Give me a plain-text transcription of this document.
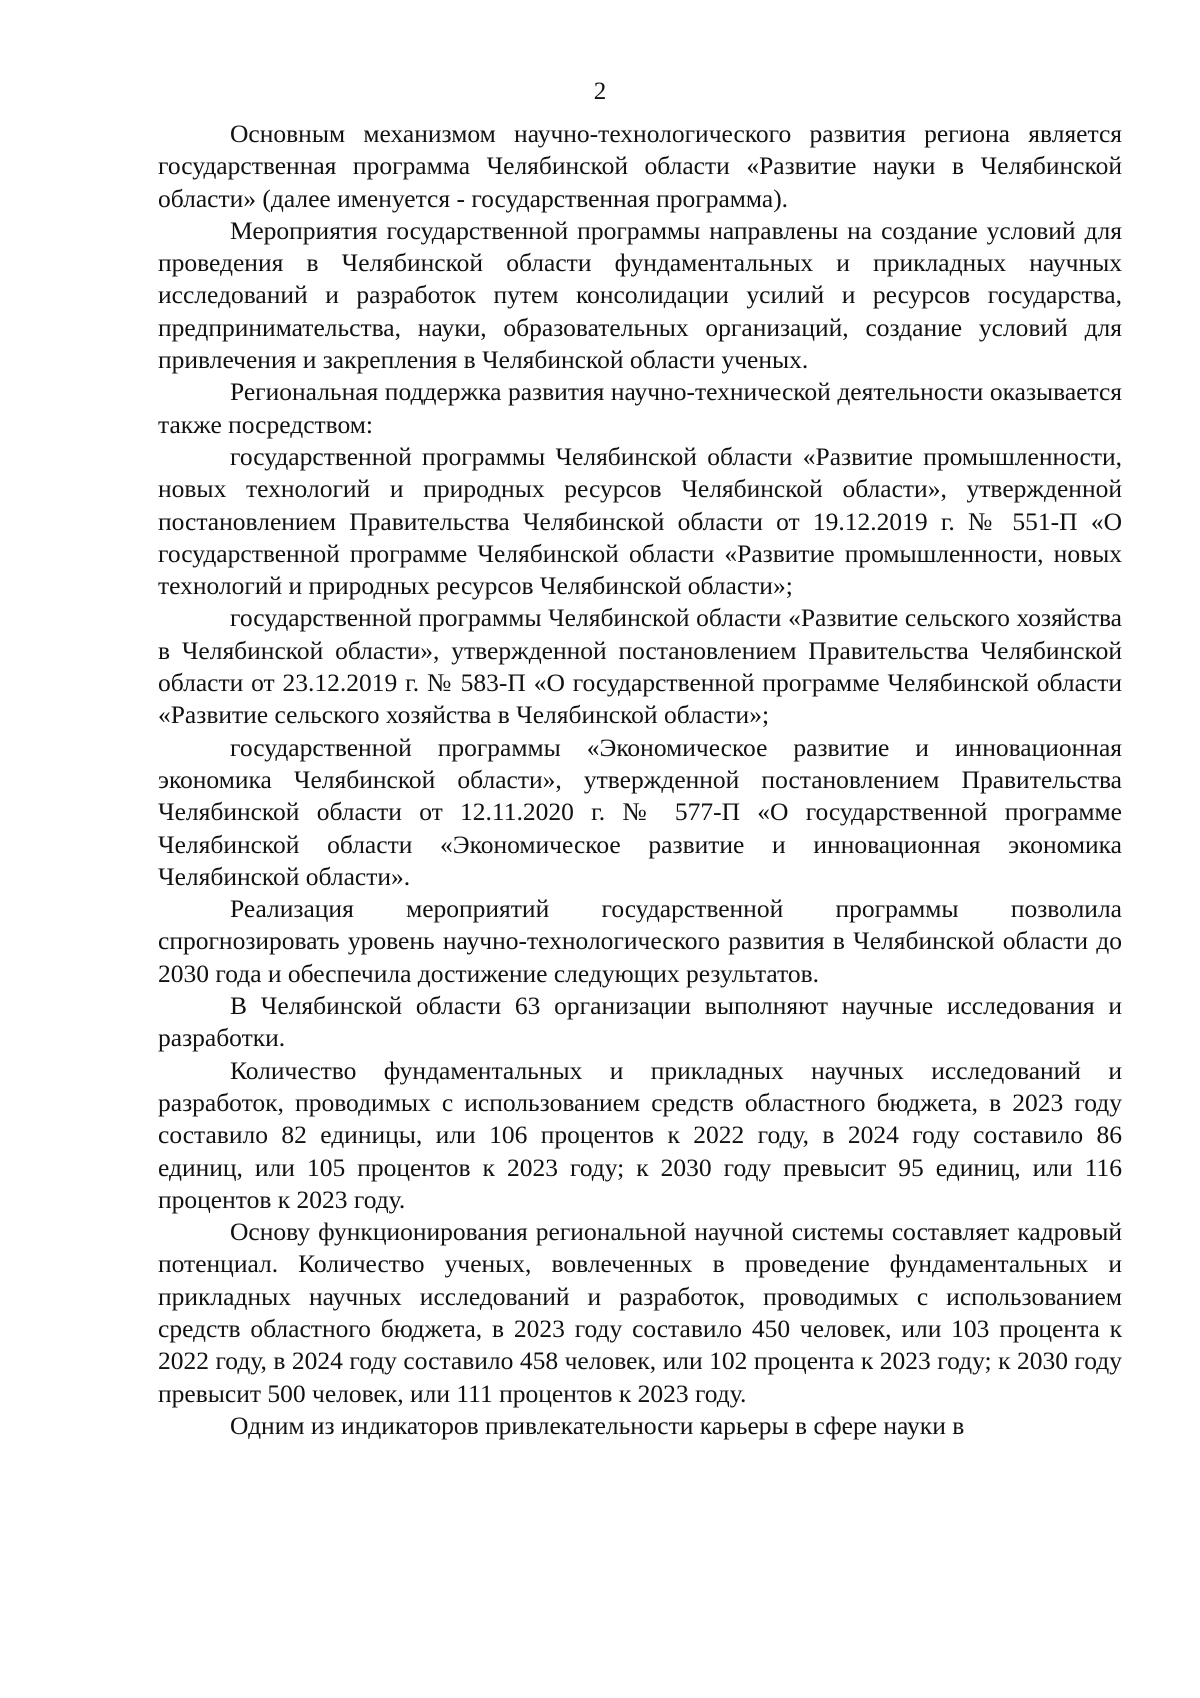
2

Основным механизмом научно-технологического развития региона является государственная программа Челябинской области «Развитие науки в Челябинской области» (далее именуется - государственная программа).

Мероприятия государственной программы направлены на создание условий для проведения в Челябинской области фундаментальных и прикладных научных исследований и разработок путем консолидации усилий и ресурсов государства, предпринимательства, науки, образовательных организаций, создание условий для привлечения и закрепления в Челябинской области ученых.

Региональная поддержка развития научно-технической деятельности оказывается также посредством:

государственной программы Челябинской области «Развитие промышленности, новых технологий и природных ресурсов Челябинской области», утвержденной постановлением Правительства Челябинской области от 19.12.2019 г. № 551-П «О государственной программе Челябинской области «Развитие промышленности, новых технологий и природных ресурсов Челябинской области»;

государственной программы Челябинской области «Развитие сельского хозяйства в Челябинской области», утвержденной постановлением Правительства Челябинской области от 23.12.2019 г. № 583-П «О государственной программе Челябинской области «Развитие сельского хозяйства в Челябинской области»;

государственной программы «Экономическое развитие и инновационная экономика Челябинской области», утвержденной постановлением Правительства Челябинской области от 12.11.2020 г. № 577-П «О государственной программе Челябинской области «Экономическое развитие и инновационная экономика Челябинской области».

Реализация мероприятий государственной программы позволила спрогнозировать уровень научно-технологического развития в Челябинской области до 2030 года и обеспечила достижение следующих результатов.

В Челябинской области 63 организации выполняют научные исследования и разработки.

Количество фундаментальных и прикладных научных исследований и разработок, проводимых с использованием средств областного бюджета, в 2023 году составило 82 единицы, или 106 процентов к 2022 году, в 2024 году составило 86 единиц, или 105 процентов к 2023 году; к 2030 году превысит 95 единиц, или 116 процентов к 2023 году.

Основу функционирования региональной научной системы составляет кадровый потенциал. Количество ученых, вовлеченных в проведение фундаментальных и прикладных научных исследований и разработок, проводимых с использованием средств областного бюджета, в 2023 году составило 450 человек, или 103 процента к 2022 году, в 2024 году составило 458 человек, или 102 процента к 2023 году; к 2030 году превысит 500 человек, или 111 процентов к 2023 году.

Одним из индикаторов привлекательности карьеры в сфере науки в
